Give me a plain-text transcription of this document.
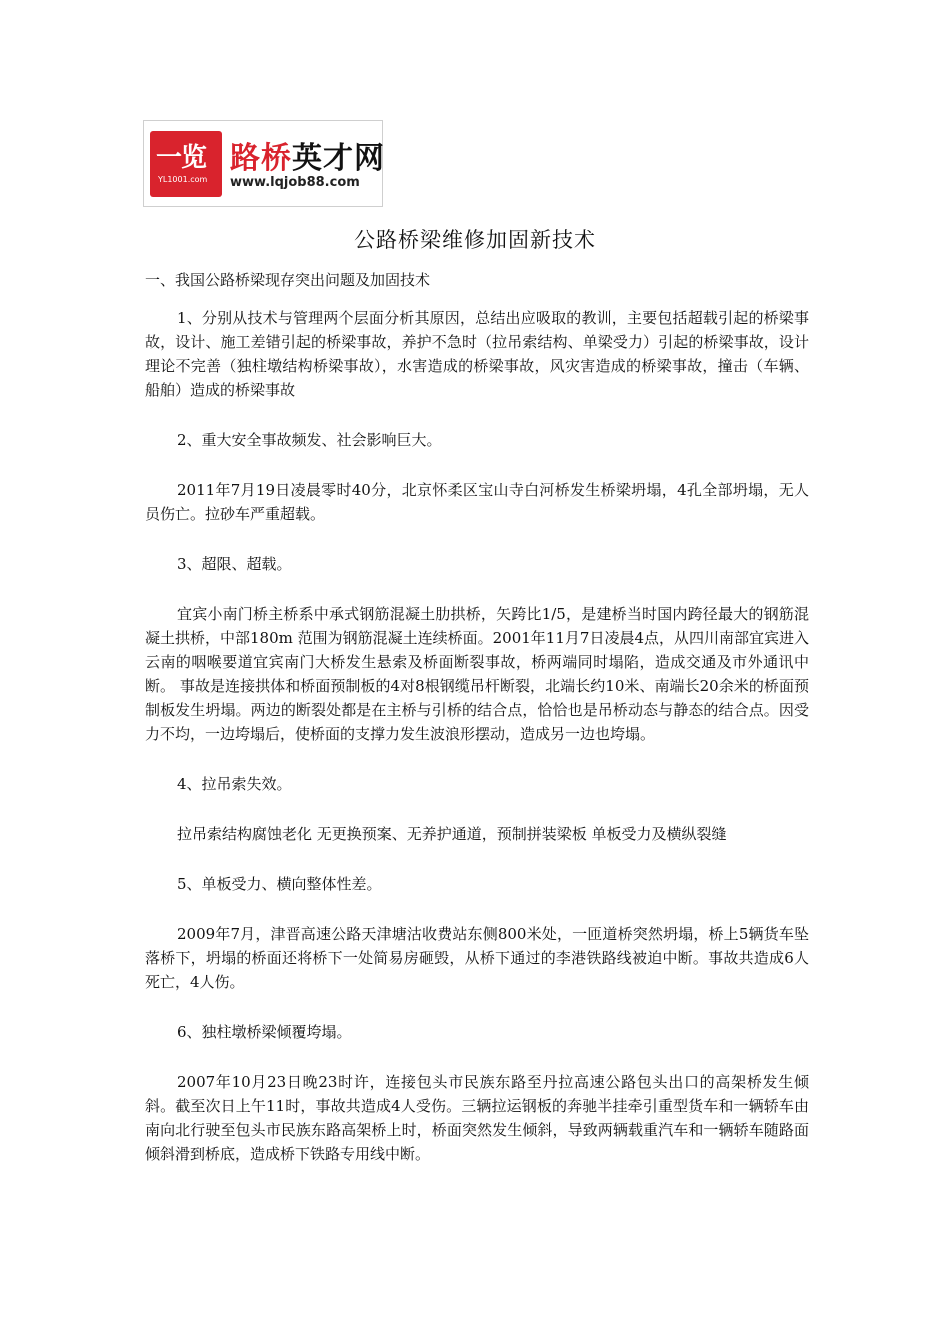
一览
YL1001.com
路桥英才网
www.lqjob88.com
公路桥梁维修加固新技术

一、我国公路桥梁现存突出问题及加固技术

1、分别从技术与管理两个层面分析其原因，总结出应吸取的教训，主要包括超载引起的桥梁事故，设计、施工差错引起的桥梁事故，养护不急时（拉吊索结构、单梁受力）引起的桥梁事故，设计理论不完善（独柱墩结构桥梁事故），水害造成的桥梁事故，风灾害造成的桥梁事故，撞击（车辆、船舶）造成的桥梁事故

2、重大安全事故频发、社会影响巨大。

2011年7月19日凌晨零时40分，北京怀柔区宝山寺白河桥发生桥梁坍塌，4孔全部坍塌，无人员伤亡。拉砂车严重超载。

3、超限、超载。

宜宾小南门桥主桥系中承式钢筋混凝土肋拱桥，矢跨比1/5，是建桥当时国内跨径最大的钢筋混凝土拱桥，中部180m 范围为钢筋混凝土连续桥面。2001年11月7日凌晨4点，从四川南部宜宾进入云南的咽喉要道宜宾南门大桥发生悬索及桥面断裂事故，桥两端同时塌陷，造成交通及市外通讯中断。 事故是连接拱体和桥面预制板的4对8根钢缆吊杆断裂，北端长约10米、南端长20余米的桥面预制板发生坍塌。两边的断裂处都是在主桥与引桥的结合点，恰恰也是吊桥动态与静态的结合点。因受力不均，一边垮塌后，使桥面的支撑力发生波浪形摆动，造成另一边也垮塌。

4、拉吊索失效。

拉吊索结构腐蚀老化 无更换预案、无养护通道，预制拼装梁板 单板受力及横纵裂缝

5、单板受力、横向整体性差。

2009年7月，津晋高速公路天津塘沽收费站东侧800米处，一匝道桥突然坍塌，桥上5辆货车坠落桥下，坍塌的桥面还将桥下一处简易房砸毁，从桥下通过的李港铁路线被迫中断。事故共造成6人死亡，4人伤。

6、独柱墩桥梁倾覆垮塌。

2007年10月23日晚23时许，连接包头市民族东路至丹拉高速公路包头出口的高架桥发生倾斜。截至次日上午11时，事故共造成4人受伤。三辆拉运钢板的奔驰半挂牵引重型货车和一辆轿车由南向北行驶至包头市民族东路高架桥上时，桥面突然发生倾斜，导致两辆载重汽车和一辆轿车随路面倾斜滑到桥底，造成桥下铁路专用线中断。
